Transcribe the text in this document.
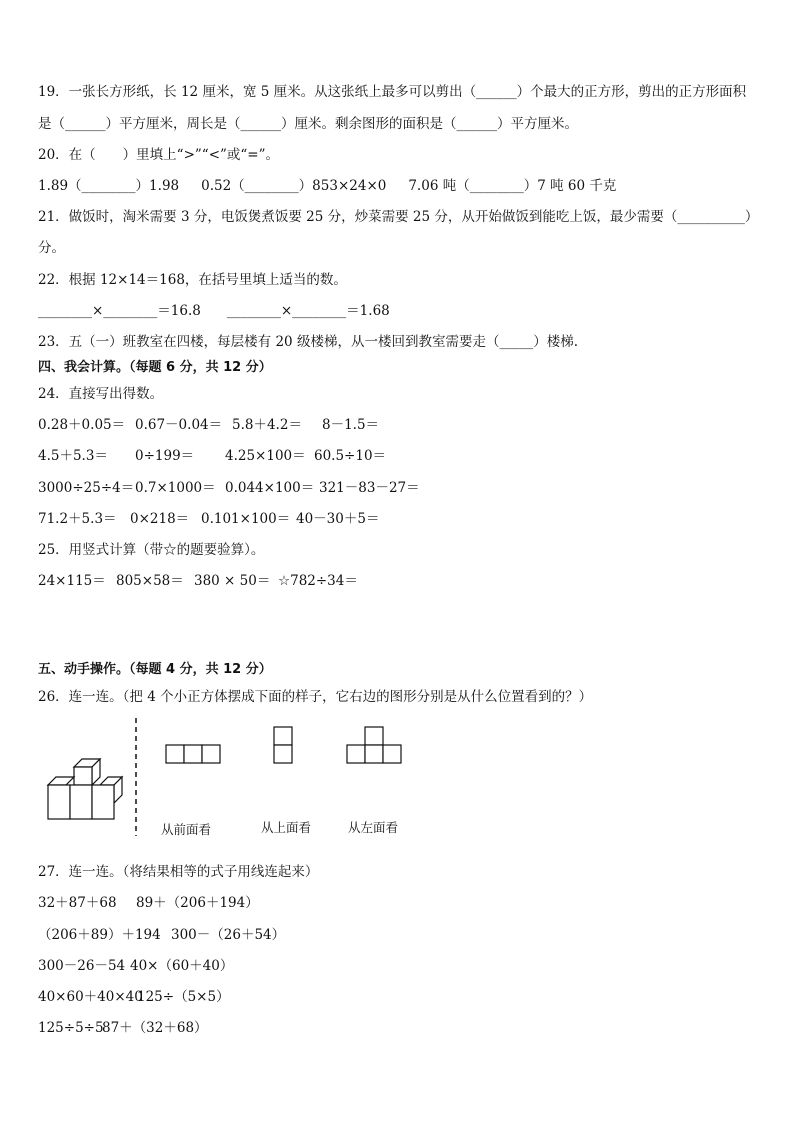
19．一张长方形纸，长 12 厘米，宽 5 厘米。从这张纸上最多可以剪出（______）个最大的正方形，剪出的正方形面积
是（______）平方厘米，周长是（______）厘米。剩余图形的面积是（______）平方厘米。
20．在（　　）里填上“>”“<”或“=”。
1.89（________）1.98 0.52（________）853×24×0 7.06 吨（________）7 吨 60 千克
21．做饭时，淘米需要 3 分，电饭煲煮饭要 25 分，炒菜需要 25 分，从开始做饭到能吃上饭，最少需要（__________）
分。
22．根据 12×14＝168，在括号里填上适当的数。
________×________＝16.8 ________×________＝1.68
23．五（一）班教室在四楼，每层楼有 20 级楼梯，从一楼回到教室需要走（_____）楼梯.
四、我会计算。（每题 6 分，共 12 分）
24．直接写出得数。
0.28＋0.05＝ 0.67－0.04＝ 5.8＋4.2＝ 8－1.5＝
4.5＋5.3＝ 0÷199＝ 4.25×100＝ 60.5÷10＝
3000÷25÷4＝0.7×1000＝ 0.044×100＝ 321－83－27＝
71.2＋5.3＝ 0×218＝ 0.101×100＝ 40－30＋5＝
25．用竖式计算（带☆的题要验算）。
24×115＝ 805×58＝ 380 × 50＝ ☆782÷34＝
五、动手操作。（每题 4 分，共 12 分）
26．连一连。（把 4 个小正方体摆成下面的样子，它右边的图形分别是从什么位置看到的？）
从前面看	从上面看	从左面看
27．连一连。（将结果相等的式子用线连起来）
32＋87＋68 89＋（206＋194）
（206＋89）＋194 300－（26＋54）
300－26－54 40×（60＋40）
40×60＋40×40125÷（5×5）
125÷5÷587＋（32＋68）
